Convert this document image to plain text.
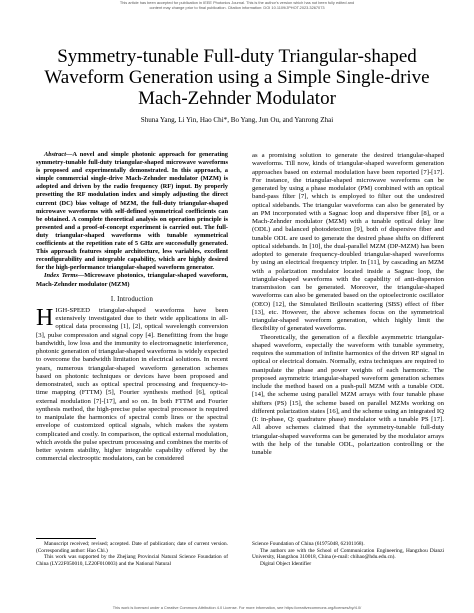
This article has been accepted for publication in IEEE Photonics Journal. This is the author's version which has not been fully edited and
content may change prior to final publication. Citation information: DOI 10.1109/JPHOT.2023.3267073
Symmetry-tunable Full-duty Triangular-shaped Waveform Generation using a Simple Single-drive Mach-Zehnder Modulator
Shuna Yang, Li Yin, Hao Chi*, Bo Yang, Jun Ou, and Yanrong Zhai

Abstract—A novel and simple photonic approach for generating symmetry-tunable full-duty triangular-shaped microwave waveforms is proposed and experimentally demonstrated. In this approach, a simple commercial single-drive Mach-Zehnder modulator (MZM) is adopted and driven by the radio frequency (RF) input. By properly presetting the RF modulation index and simply adjusting the direct current (DC) bias voltage of MZM, the full-duty triangular-shaped microwave waveforms with self-defined symmetrical coefficients can be obtained. A complete theoretical analysis on operation principle is presented and a proof-of-concept experiment is carried out. The full-duty triangular-shaped waveforms with tunable symmetrical coefficients at the repetition rate of 5 GHz are successfully generated. This approach features simple architecture, less variables, excellent reconfigurability and integrable capability, which are highly desired for the high-performance triangular-shaped waveform generator.

Index Terms—Microwave photonics, triangular-shaped waveform, Mach-Zehnder modulator (MZM)

I. Introduction

HIGH-SPEED triangular-shaped waveforms have been extensively investigated due to their wide applications in all-optical data processing [1], [2], optical wavelength conversion [3], pulse compression and signal copy [4]. Benefitting from the huge bandwidth, low loss and the immunity to electromagnetic interference, photonic generation of triangular-shaped waveforms is widely expected to overcome the bandwidth limitation in electrical solutions. In recent years, numerous triangular-shaped waveform generation schemes based on photonic techniques or devices have been proposed and demonstrated, such as optical spectral processing and frequency-to-time mapping (FTTM) [5], Fourier synthesis method [6], optical external modulation [7]-[17], and so on. In both FTTM and Fourier synthesis method, the high-precise pulse spectral processor is required to manipulate the harmonics of spectral comb lines or the spectral envelope of customized optical signals, which makes the system complicated and costly. In comparison, the optical external modulation, which avoids the pulse spectrum processing and combines the merits of better system stability, higher integrable capability offered by the commercial electrooptic modulators, can be considered

as a promising solution to generate the desired triangular-shaped waveforms. Till now, kinds of triangular-shaped waveform generation approaches based on external modulation have been reported [7]-[17]. For instance, the triangular-shaped microwave waveforms can be generated by using a phase modulator (PM) combined with an optical band-pass filter [7], which is employed to filter out the undesired optical sidebands. The triangular waveforms can also be generated by an PM incorporated with a Sagnac loop and dispersive fiber [8], or a Mach-Zehnder modulator (MZM) with a tunable optical delay line (ODL) and balanced photodetection [9], both of dispersive fiber and tunable ODL are used to generate the desired phase shifts on different optical sidebands. In [10], the dual-parallel MZM (DP-MZM) has been adopted to generate frequency-doubled triangular-shaped waveforms by using an electrical frequency tripler. In [11], by cascading an MZM with a polarization modulator located inside a Sagnac loop, the triangular-shaped waveforms with the capability of anti-dispersion transmission can be generated. Moreover, the triangular-shaped waveforms can also be generated based on the optoelectronic oscillator (OEO) [12], the Simulated Brillouin scattering (SBS) effect of fiber [13], etc. However, the above schemes focus on the symmetrical triangular-shaped waveform generation, which highly limit the flexibility of generated waveforms.

Theoretically, the generation of a flexible asymmetric triangular-shaped waveform, especially the waveform with tunable symmetry, requires the summation of infinite harmonics of the driven RF signal in optical or electrical domain. Normally, extra techniques are required to manipulate the phase and power weights of each harmonic. The proposed asymmetric triangular-shaped waveform generation schemes include the method based on a push-pull MZM with a tunable ODL [14], the scheme using parallel MZM arrays with four tunable phase shifters (PS) [15], the scheme based on parallel MZMs working on different polarization states [16], and the scheme using an integrated IQ (I: in-phase, Q: quadrature phase) modulator with a tunable PS [17]. All above schemes claimed that the symmetry-tunable full-duty triangular-shaped waveforms can be generated by the modulator arrays with the help of the tunable ODL, polarization controlling or the tunable

Manuscript received; revised; accepted. Date of publication; date of current version. (Corresponding author: Hao Chi.)

This work was supported by the Zhejiang Provincial Natural Science Foundation of China (LY22F050010, LZ20F010003) and the National Natural

Science Foundation of China (61975048, 62101168).

The authors are with the School of Communication Engineering, Hangzhou Dianzi University, Hangzhou 310018, China (e-mail: chihao@hdu.edu.cn).

Digital Object Identifier

This work is licensed under a Creative Commons Attribution 4.0 License. For more information, see https://creativecommons.org/licenses/by/4.0/
